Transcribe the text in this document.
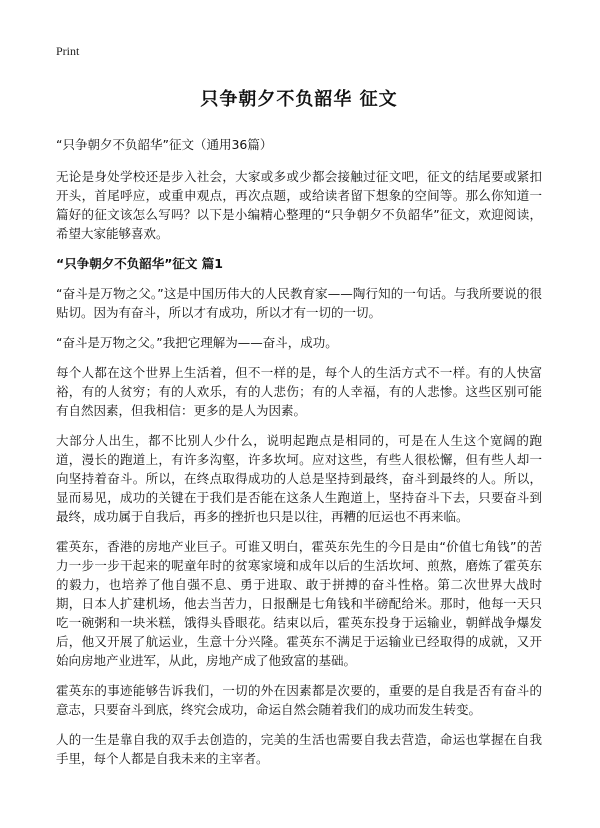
Print
只争朝夕不负韶华 征文
“只争朝夕不负韶华”征文（通用36篇）

无论是身处学校还是步入社会，大家或多或少都会接触过征文吧，征文的结尾要或紧扣开头，首尾呼应，或重申观点，再次点题，或给读者留下想象的空间等。那么你知道一篇好的征文该怎么写吗？以下是小编精心整理的“只争朝夕不负韶华”征文，欢迎阅读，希望大家能够喜欢。

“只争朝夕不负韶华”征文 篇1

“奋斗是万物之父。”这是中国历伟大的人民教育家——陶行知的一句话。与我所要说的很贴切。因为有奋斗，所以才有成功，所以才有一切的一切。

“奋斗是万物之父。”我把它理解为——奋斗，成功。

每个人都在这个世界上生活着，但不一样的是，每个人的生活方式不一样。有的人快富裕，有的人贫穷；有的人欢乐，有的人悲伤；有的人幸福，有的人悲惨。这些区别可能有自然因素，但我相信：更多的是人为因素。

大部分人出生，都不比别人少什么，说明起跑点是相同的，可是在人生这个宽阔的跑道，漫长的跑道上，有许多沟壑，许多坎坷。应对这些，有些人很松懈，但有些人却一向坚持着奋斗。所以，在终点取得成功的人总是坚持到最终，奋斗到最终的人。所以，显而易见，成功的关键在于我们是否能在这条人生跑道上，坚持奋斗下去，只要奋斗到最终，成功属于自我后，再多的挫折也只是以往，再糟的厄运也不再来临。

霍英东，香港的房地产业巨子。可谁又明白，霍英东先生的今日是由“价值七角钱”的苦力一步一步干起来的呢童年时的贫寒家境和成年以后的生活坎坷、煎熬，磨炼了霍英东的毅力，也培养了他自强不息、勇于进取、敢于拼搏的奋斗性格。第二次世界大战时期，日本人扩建机场，他去当苦力，日报酬是七角钱和半磅配给米。那时，他每一天只吃一碗粥和一块米糕，饿得头昏眼花。结束以后，霍英东投身于运输业，朝鲜战争爆发后，他又开展了航运业，生意十分兴隆。霍英东不满足于运输业已经取得的成就，又开始向房地产业进军，从此，房地产成了他致富的基础。

霍英东的事迹能够告诉我们，一切的外在因素都是次要的，重要的是自我是否有奋斗的意志，只要奋斗到底，终究会成功，命运自然会随着我们的成功而发生转变。

人的一生是靠自我的双手去创造的，完美的生活也需要自我去营造，命运也掌握在自我手里，每个人都是自我未来的主宰者。
